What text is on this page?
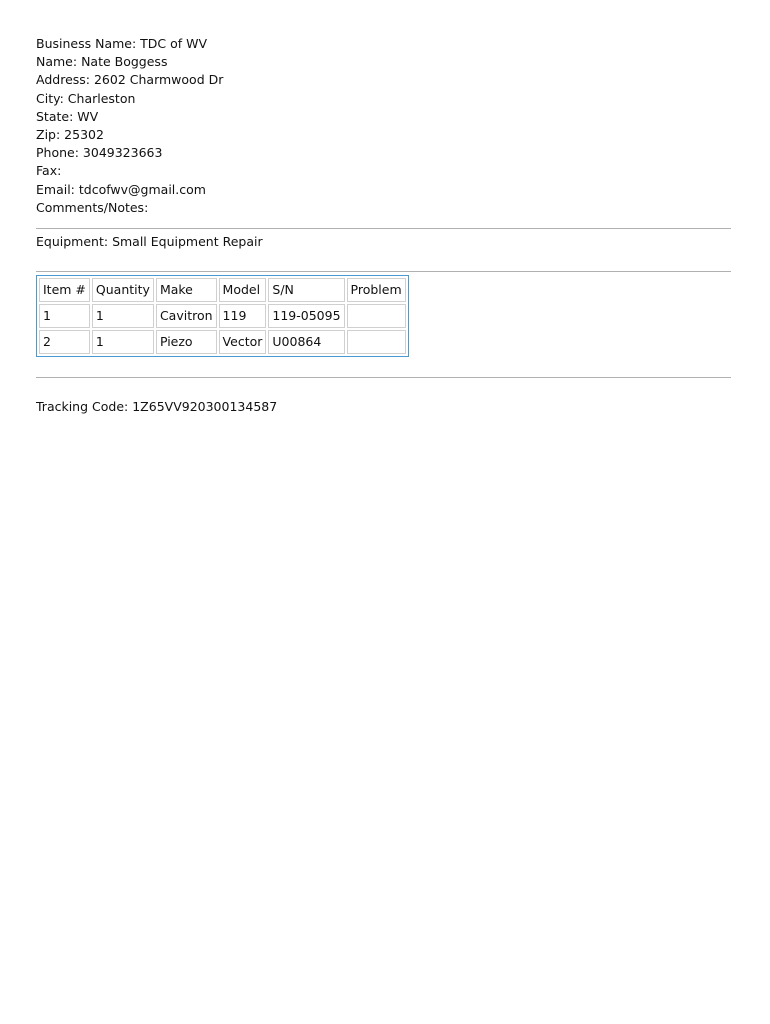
Business Name: TDC of WV
Name: Nate Boggess
Address: 2602 Charmwood Dr
City: Charleston
State: WV
Zip: 25302
Phone: 3049323663
Fax:
Email: tdcofwv@gmail.com
Comments/Notes:
Equipment: Small Equipment Repair
Item #	Quantity	Make	Model	S/N	Problem
1	1	Cavitron	119	119-05095	
2	1	Piezo	Vector	U00864	
Tracking Code: 1Z65VV920300134587
